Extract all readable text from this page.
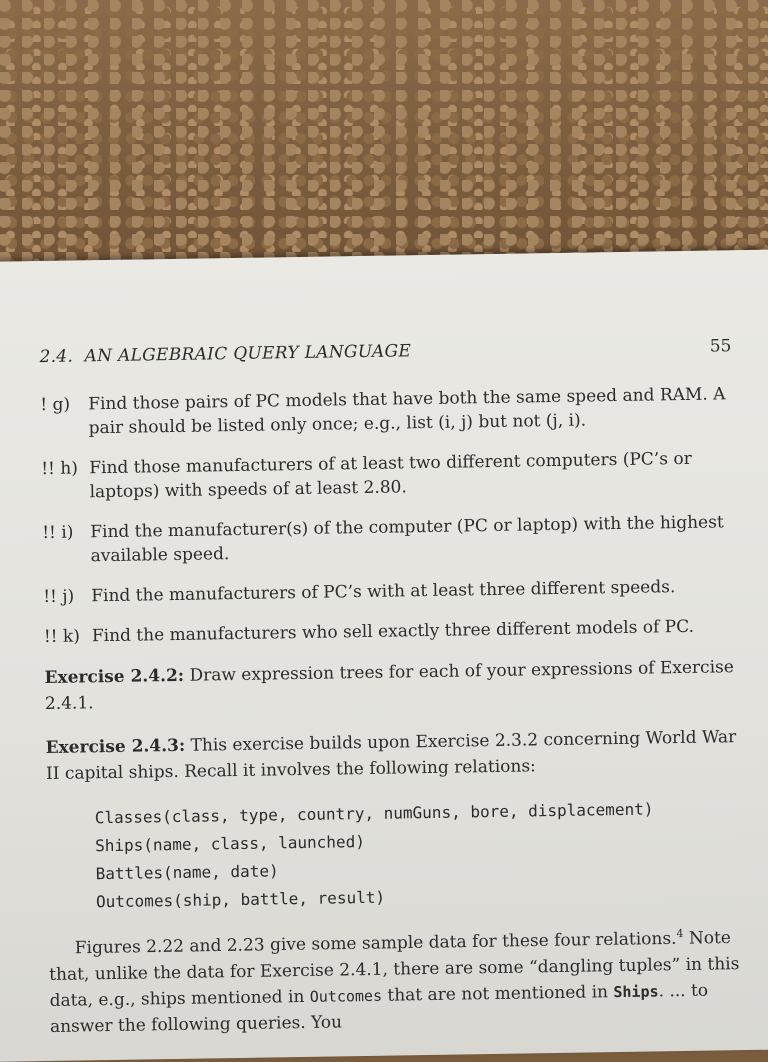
2.4. AN ALGEBRAIC QUERY LANGUAGE	55
! g)	Find those pairs of PC models that have both the same speed and RAM. A pair should be listed only once; e.g., list (i, j) but not (j, i).
!! h) Find those manufacturers of at least two different computers (PC’s or laptops) with speeds of at least 2.80.
!! i) Find the manufacturer(s) of the computer (PC or laptop) with the highest available speed.
!! j) Find the manufacturers of PC’s with at least three different speeds.
!! k) Find the manufacturers who sell exactly three different models of PC.
Exercise 2.4.2: Draw expression trees for each of your expressions of Exercise 2.4.1.
Exercise 2.4.3: This exercise builds upon Exercise 2.3.2 concerning World War II capital ships. Recall it involves the following relations:
Classes(class, type, country, numGuns, bore, displacement)
Ships(name, class, launched)
Battles(name, date)
Outcomes(ship, battle, result)
Figures 2.22 and 2.23 give some sample data for these four relations.$^4$ Note that, unlike the data for Exercise 2.4.1, there are some “dangling tuples” in this data, e.g., ships mentioned in Outcomes that are not mentioned in Ships. ... to answer the following queries. You
